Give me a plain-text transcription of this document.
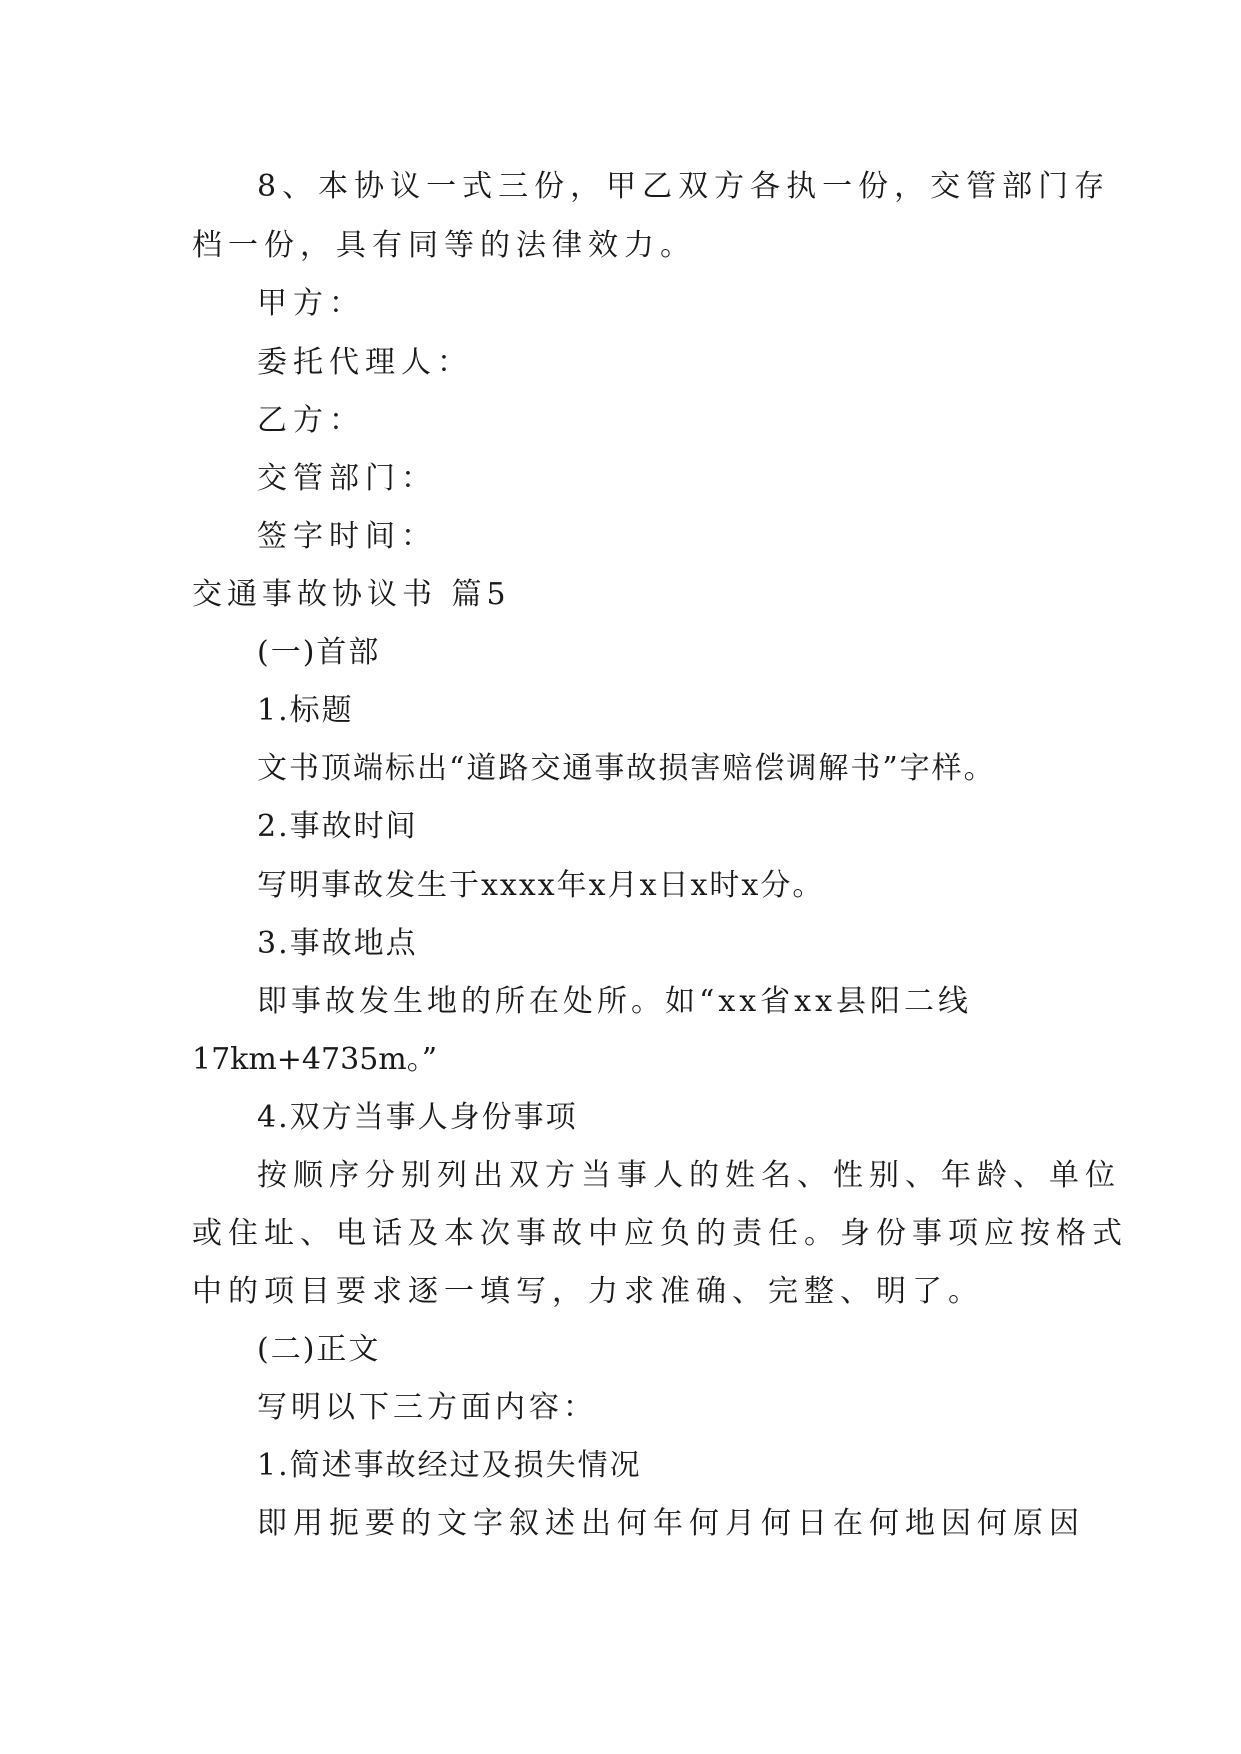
8、本协议一式三份，甲乙双方各执一份，交管部门存
档一份，具有同等的法律效力。
甲方：
委托代理人：
乙方：
交管部门：
签字时间：
交通事故协议书 篇5
(一)首部
1.标题
文书顶端标出“道路交通事故损害赔偿调解书”字样。
2.事故时间
写明事故发生于xxxx年x月x日x时x分。
3.事故地点
即事故发生地的所在处所。如“xx省xx县阳二线
17km+4735m。”
4.双方当事人身份事项
按顺序分别列出双方当事人的姓名、性别、年龄、单位
或住址、电话及本次事故中应负的责任。身份事项应按格式
中的项目要求逐一填写，力求准确、完整、明了。
(二)正文
写明以下三方面内容：
1.简述事故经过及损失情况
即用扼要的文字叙述出何年何月何日在何地因何原因
